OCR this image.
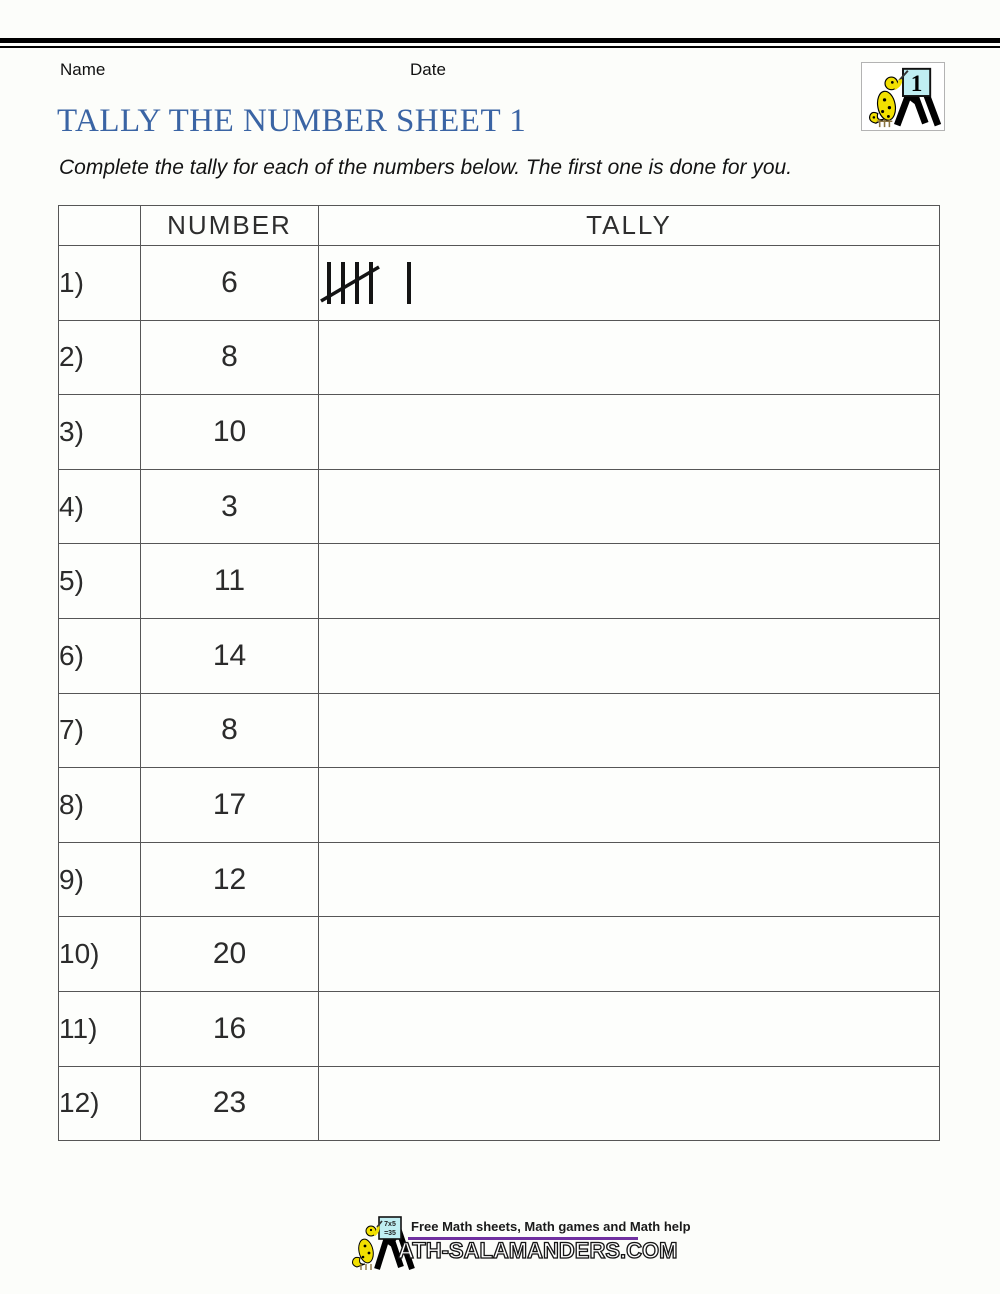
Name	Date
1
TALLY THE NUMBER SHEET 1
Complete the tally for each of the numbers below. The first one is done for you.
	NUMBER	TALLY
1)	6	

2)	8	
3)	10	
4)	3	
5)	11	
6)	14	
7)	8	
8)	17	
9)	12	
10)	20	
11)	16	
12)	23	
7x5
=35 Free Math sheets, Math games and Math help
ATH-SALAMANDERS.COM
